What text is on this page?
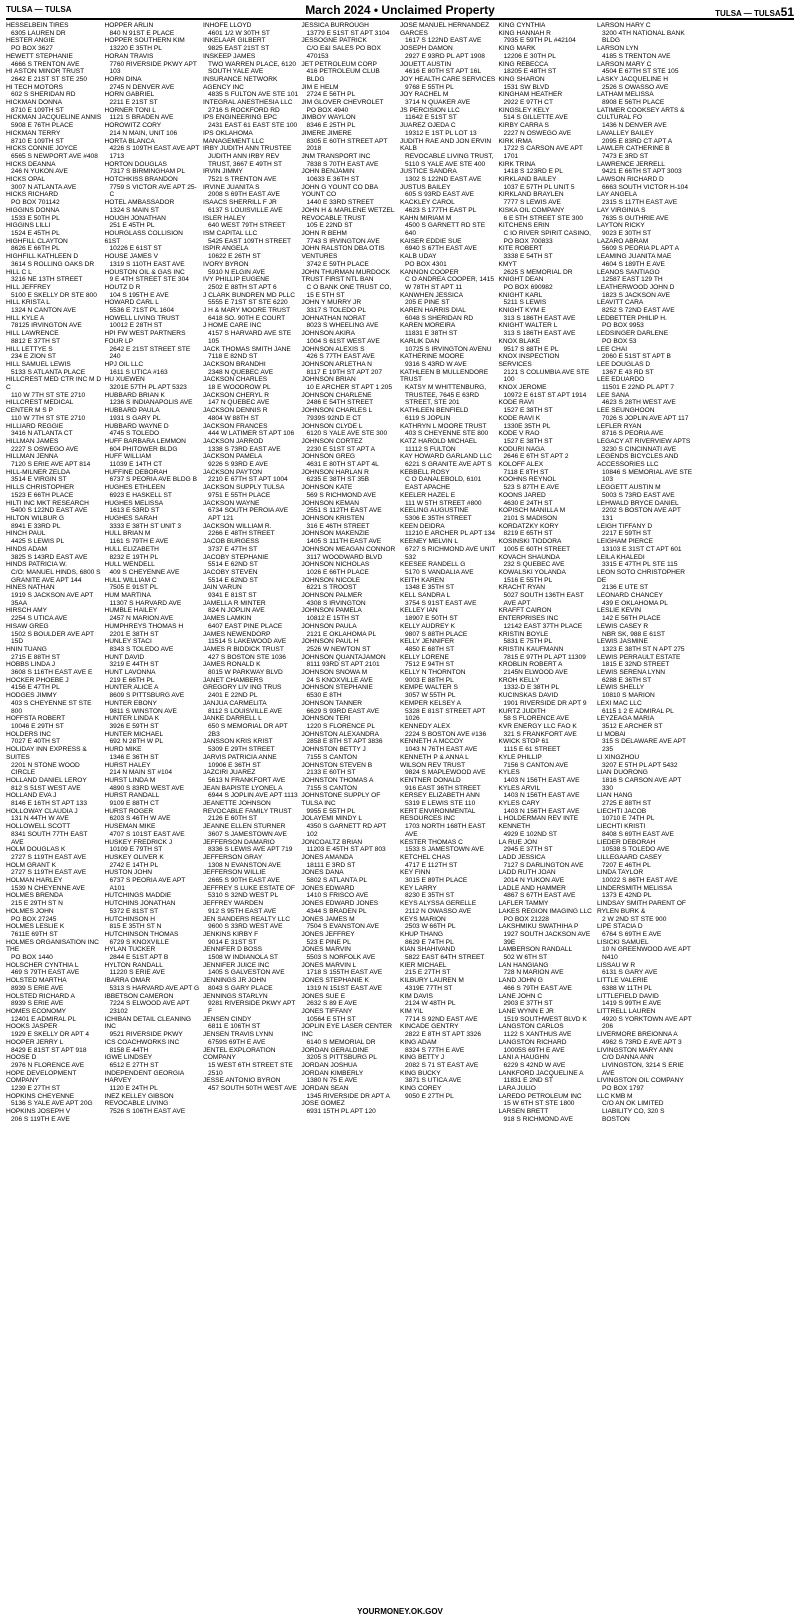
TULSA — TULSA	March 2024 • Unclaimed Property	TULSA — TULSA51
HESSELBEIN TIRES
6305 LAUREN DR
HESTER ANGIE
PO BOX 3627
HEWETT STEPHANIE
4666 S TRENTON AVE
HI ASTON MINOR TRUST
2642 E 21ST ST STE 250
HI TECH MOTORS
602 S SHERIDAN RD
HICKMAN DONNA
8710 E 109TH ST
HICKMAN JACQUELINE ANNIS
5908 E 76TH PLACE
HICKMAN TERRY
8710 E 109TH ST
HICKS CONNIE JOYCE
6565 S NEWPORT AVE #408
HICKS DEANNA
246 N YUKON AVE
HICKS OPAL
3007 N ATLANTA AVE
HICKS RICHARD
PO BOX 701142
HIGGINS DONNA
1533 E 50TH PL
HIGGINS LILLI
1524 E 45TH PL
HIGHFILL CLAYTON
8626 E 66TH PL
HIGHFILL KATHLEEN D
3614 S ROLLING OAKS DR
HILL C L
3216 NE 13TH STREET
HILL JEFFREY
5100 E SKELLY DR STE 800
HILL KRISTA L
1324 N CANTON AVE
HILL KYLE A
78125 IRVINGTON AVE
HILL LAWRENCE
8812 E 37TH ST
HILL LETTYE S
234 E ZION ST
HILL SAMUEL LEWIS
5133 S ATLANTA PLACE
HILLCREST MED CTR INC M D C
110 W 7TH ST STE 2710
HILLCREST MEDICAL CENTER M S P
110 W 7TH ST STE 2710
HILLIARD REGGIE
3416 N ATLANTA CT
HILLMAN JAMES
2227 S OSWEGO AVE
HILLMAN JENNA
7120 S ERIE AVE APT 814
HILL-MILNER ZELDA
3514 E VIRGIN ST
HILLS CHRISTOPHER
1523 E 66TH PLACE
HILTI INC MKT RESEARCH
5400 S 122ND EAST AVE
HILTON WILBUR G
8941 E 33RD PL
HINCH PAUL
4425 S LEWIS PL
HINDS ADAM
3825 S 143RD EAST AVE
HINDS PATRICIA W.
C/O: MANUEL HINDS, 6800 S GRANITE AVE APT 144
HINES NATHAN
1919 S JACKSON AVE APT 35AA
HIRSCH AMY
2254 S UTICA AVE
HISAW GREG
1502 S BOULDER AVE APT 15D
HNIN TUANG
2715 E 88TH ST
HOBBS LINDA J
3608 S 116TH EAST AVE E
HOCKER PHOEBE J
4156 E 47TH PL
HODGES JIMMY
403 S CHEYENNE ST STE 800
HOFFSTA ROBERT
10046 E 29TH ST
HOLDERS INC
7027 E 40TH ST
HOLIDAY INN EXPRESS & SUITES
2201 N STONE WOOD CIRCLE
HOLLAND DANIEL LEROY
812 S 51ST WEST AVE
HOLLAND EVA J
8146 E 16TH ST APT 133
HOLLOWAY CLAUDIA J
131 N 44TH W AVE
HOLLOWELL SCOTT
8341 SOUTH 77TH EAST AVE
HOLM DOUGLAS K
2727 S 119TH EAST AVE
HOLM GRANT K
2727 S 119TH EAST AVE
HOLMAN HARLEY
1539 N CHEYENNE AVE
HOLMES BRENDA
215 E 29TH ST N
HOLMES JOHN
PO BOX 27245
HOLMES LESLIE K
7611E 69TH ST
HOLMES ORGANISATION INC THE
PO BOX 1440
HOLSCHER CYNTHIA L
469 S 79TH EAST AVE
HOLSTED MARTHA
8939 S ERIE AVE
HOLSTED RICHARD A
8939 S ERIE AVE
HOMES ECONOMY
12401 E ADMIRAL PL
HOOKS JASPER
1929 E SKELLY DR APT 4
HOOPER JERRY L
8429 E 81ST ST APT 918
HOOSE D
2976 N FLORENCE AVE
HOPE DEVELOPMENT COMPANY
1239 E 27TH ST
HOPKINS CHEYENNE
5136 S YALE AVE APT 20G
HOPKINS JOSEPH V
206 S 119TH E AVE
HOPPER ARLIN
840 N 91ST E PLACE
HOPPER SOUTHERN KIM
13220 E 35TH PL
HORAN TRAVIS
7760 RIVERSIDE PKWY APT 103
HORN DINA
2745 N DENVER AVE
HORN GABRIEL
2211 E 21ST ST
HORNER TONI L
1121 S BRADEN AVE
HOROWITZ CORY
214 N MAIN, UNIT 106
HORTA BLANCA
4226 S 109TH EAST AVE APT 1713
HORTON DOUGLAS
7317 S BIRMINGHAM PL
HOTCHKISS BRANDON
7759 S VICTOR AVE APT 25-C
HOTEL AMBASSADOR
1324 S MAIN ST
HOUGH JONATHAN
251 E 45TH PL
HOURGLASS COLLISION 61ST
10226 E 61ST ST
HOUSE JAMES V
1319 S 110TH EAST AVE
HOUSTON OIL & GAS INC
9 E 4TH STREET STE 304
HOUTZ D R
104 S 195TH E AVE
HOWARD CARL L
5536 E 71ST PL 1604
HOWELL LIVING TRUST
10012 E 28TH ST
HPI FW WEST PARTNERS FOUR LP
2642 E 21ST STREET STE 240
HPJ OIL LLC
1611 S UTICA #163
HU XUEWEN
3201E 57TH PL APT 5323
HUBBARD BRIAN K
1236 S INDIANAPOLIS AVE
HUBBARD PAULA
1931 S GARY PL
HUBBARD WAYNE D
4745 S TOLEDO
HUFF BARBARA LEMMON
604 PHITOWER BLDG
HUFF WILLIAM
11039 E 14TH CT
HUFFINE DEBORAH
6737 S PEORIA AVE BLDG B
HUGHES ETHLEEN
6923 E HASKELL ST
HUGHES MELISSA
1613 E 53RD ST
HUGHES SARAH
3333 E 38TH ST UNIT 3
HULL BRIAN M
1161 S 79TH E AVE
HULL ELIZABETH
8232 E 19TH PL
HULL WENDELL
409 S CHEYENNE AVE
HULL WILLIAM C
7505 E 91ST PL
HUM MARTINA
11307 S HARVARD AVE
HUMBLE HAILEY
2457 N MARION AVE
HUMPHREYS THOMAS H
2201 E 38TH ST
HUNLEY STACI
8343 S TOLEDO AVE
HUNT DAVID
3219 E 44TH ST
HUNT LAVONNA
219 E 66TH PL
HUNTER ALICE A
8609 S PITTSBURG AVE
HUNTER EBONY
9811 S WINSTON AVE
HUNTER LINDA K
3926 E 59TH ST
HUNTER MICHAEL
692 N 28TH W PL
HURD MIKE
1346 E 36TH ST
HURST HALEY
214 N MAIN ST #104
HURST LINDA M
4890 S 83RD WEST AVE
HURST RANDALL
9109 E 88TH CT
HURST ROGER
6203 S 46TH W AVE
HUSEMAN MIKE
4707 S 101ST EAST AVE
HUSKEY FREDRICK J
10109 E 79TH ST
HUSKEY OLIVER K
2742 E 14TH PL
HUSTON JOHN
6737 S PEORIA AVE APT A101
HUTCHINGS MADDIE
HUTCHINS JONATHAN
5372 E 81ST ST
HUTCHINSON H
815 E 35TH ST N
HUTCHINSON THOMAS
6729 S KNOXVILLE
HYLAN TUCKER
2844 E 51ST APT B
HYLTON RANDALL
11220 S ERIE AVE
IBARRA OMAR
5313 S HARVARD AVE APT G
IBBETSON CAMERON
7224 S ELWOOD AVE APT 23102
ICHIBAN DETAIL CLEANING INC
9521 RIVERSIDE PKWY
ICS COACHWORKS INC
8158 E 44TH
IGWE LINDSEY
6512 E 27TH ST
INDEPENDENT GEORGIA HARVEY
1120 E 24TH PL
INEZ KELLEY GIBSON REVOCABLE LIVING
7526 S 106TH EAST AVE
INHOFE LLOYD
4601 1/2 W 30TH ST
INKELAAR GILBERT
9825 EAST 21ST ST
INSKEEP JAMES
TWO WARREN PLACE, 6120 SOUTH YALE AVE
INSURANCE NETWORK AGENCY INC
4835 S FULTON AVE STE 101
INTEGRAL ANESTHESIA LLC
2716 S ROCKFORD RD
IPS ENGINEERING EPC
2431 EAST 61 EAST STE 100
IPS OKLAHOMA MANAGEMENT LLC
IRBY JUDITH ANN TRUSTEE
JUDITH ANN IRBY REV TRUST, 3667 E 49TH ST
IRVIN JIMMY
7521 S TRENTON AVE
IRVINE JUANITA S
2008 S 69TH EAST AVE
ISAACS SHERRILL F JR
6137 S LOUISVILLE AVE
ISLER HALEY
640 WEST 79TH STREET
ISM CAPITAL LLC
5425 EAST 109TH STREET
ISPIR ANGELA
10622 E 26TH ST
IVORY BYRON
5910 N ELGIN AVE
IVY PHILLIP EUGENE
2502 E 88TH ST APT 6
J CLARK BUNDREN MD PLLC
5555 E 71ST ST STE 6220
J H & MARY MOORE TRUST
6418 SO. 90TH E COURT
J HOME CARE INC
4157 S HARVARD AVE STE 105
JACK THOMAS SMITH JANE
7118 E 82ND ST
JACKSON BRANDHI
2348 N QUEBEC AVE
JACKSON CHARLES
18 E WOODROW PL
JACKSON CHERYL R
147 N QUEBEC AVE
JACKSON DENNIS R
4804 W 88TH ST
JACKSON FRANCES
444 W LATIMER ST APT 106
JACKSON JARROD
1338 S 73RD EAST AVE
JACKSON PAMELA
9226 S 93RD E AVE
JACKSON PAYTON
2210 E 67TH ST APT 1004
JACKSON SUPPLY TULSA
9751 E 55TH PLACE
JACKSON WAYNE
6734 SOUTH PEROIA AVE APT 121
JACKSON WILLIAM R.
2266 E 48TH STREET
JACOB BURGESS
3737 E 47TH ST
JACOBY STEPHANIE
5514 E 62ND ST
JACOBY STEVEN
5514 E 62ND ST
JAIN VARUN
9341 E 81ST ST
JAMELLA R MINTER
824 N JOPLIN AVE
JAMES LAMKIN
6407 EAST PINE PLACE
JAMES NEWENDORP
11514 S LAKEWOOD AVE
JAMES R BIDDICK TRUST
427 S BOSTON STE 1036
JAMES RONALD K
8015 W PARKWAY BLVD
JANET CHAMBERS
GREGORY LIV ING TRUS
2401 E 22ND PL
JANJUA CARMELITA
8112 S LOUISVILLE AVE
JANKE DARRELL L
650 S MEMORIAL DR APT 2B3
JANSSON KRIS KRIST
5309 E 29TH STREET
JARVIS PATRICIA ANNE
10906 E 36TH ST
JAZCIRI JUAREZ
5613 N FRANKFORT AVE
JEAN BAPISTE LYONEL A
6944 S JOPLIN AVE APT 1113
JEANETTE JOHNSON REVOCABLE FAMILY TRUST
2126 E 60TH ST
JEANNE ELLEN STURNER
3607 S JAMESTOWN AVE
JEFFERSON DAMARIO
8336 S LEWIS AVE APT 719
JEFFERSON GRAY
1308 N EVANSTON AVE
JEFFERSON WILLIE
2665 S 90TH EAST AVE
JEFFREY S LUKE ESTATE OF
5310 S 32ND WEST PL
JEFFREY WARDEN
912 S 95TH EAST AVE
JEN SANDERS REALTY LLC
9600 S 33RD WEST AVE
JENKINS KIRBY F
9014 E 31ST ST
JENNIFER D BOSS
1508 W INDIANOLA ST
JENNIFER JUICE INC
1405 S GALVESTON AVE
JENNINGS JR JOHN
8043 S GARY PLACE
JENNINGS STARLYN
9281 RIVERSIDE PKWY APT F
JENSEN CINDY
6811 E 106TH ST
JENSEN TRAVIS LYNN
6759S 69TH E AVE
JENTEL EXPLORATION COMPANY
15 WEST 6TH STREET STE 2510
JESSE ANTONIO BYRON
457 SOUTH 50TH WEST AVE
JESSICA BURROUGH
13779 E 51ST ST APT 3104
JESSOGNE PATRICK
C/O E&I SALES PO BOX 470153
JET PETROLEUM CORP
416 PETROLEUM CLUB BLDG
JIM E HELM
2724 E 56TH PL
JIM GLOVER CHEVROLET
PO BOX 4940
JIMBOY WAYLON
8346 E 25TH PL
JIMERE JIMERE
8305 E 60TH STREET APT 2018
JNM TRANSPORT INC
7838 S 70TH EAST AVE
JOHN BENJAMIN
10633 E 36TH ST
JOHN G YOUNT CO DBA YOUNT CO
1440 E 33RD STREET
JOHN H & MARLENE WETZEL REVOCABLE TRUST
105 E 22ND ST
JOHN R BEHM
7743 S IRVINGTON AVE
JOHN RALSTON DBA OTIS VENTURES
3742 E 59TH PLACE
JOHN THURMAN MURDOCK TRUST FIRST NTL BAN
C O BANK ONE TRUST CO, 15 E 5TH ST
JOHN Y MURRY JR
3317 S TOLEDO PL
JOHNATHAN NORAT
8023 S WHEELING AVE
JOHNSON AKIRA
1004 S 61ST WEST AVE
JOHNSON ALEXIS S
426 S 77TH EAST AVE
JOHNSON ARLETHA N
8117 E 19TH ST APT 207
JOHNSON BRIAN
10 E ARCHER ST APT 1 205
JOHNSON CHARLENE
2486 E 54TH STREET
JOHNSON CHARLES L
7939S 92ND E CT
JOHNSON CLYDE L
6120 S YALE AVE STE 300
JOHNSON CORTEZ
2230 E 51ST ST APT A
JOHNSON GREG
4631 E 80TH ST APT 4L
JOHNSON HARLAN R
6235 E 38TH ST 35B
JOHNSON KATE
569 S RICHMOND AVE
JOHNSON KEMAN
2551 S 112TH EAST AVE
JOHNSON KRISTEN
316 E 46TH STREET
JOHNSON MAKENZIE
1405 S 111TH EAST AVE
JOHNSON MEAGAN CONNOR
3117 WOODWARD BLVD
JOHNSON NICHOLAS
1026 E 66TH PLACE
JOHNSON NICOLE
6221 S TROOST
JOHNSON PALMER
4308 S IRVINGTON
JOHNSON PAMELA
10812 E 15TH ST
JOHNSON PAULA
2121 E OKLAHOMA PL
JOHNSON PAUL H
2526 W NEWTON ST
JOHNSON QUANTAJAMON
8111 93RD ST APT 2101
JOHNSON SNOWA M
24 S KNOXVILLE AVE
JOHNSON STEPHANIE
6530 E 8TH
JOHNSON TANNER
6629 S 93RD EAST AVE
JOHNSON TERI
1220 S FLORENCE PL
JOHNSTON ALEXANDRA
2858 E 8TH ST APT 3836
JOHNSTON BETTY J
7155 S CANTON
JOHNSTON STEVEN B
2133 E 60TH ST
JOHNSTON THOMAS A
7155 S CANTON
JOHNSTONE SUPPLY OF TULSA INC
9955 E 55TH PL
JOLAYEMI MINDY L
4350 S GARNETT RD APT 102
JONCOALTZ BRIAN
11203 E 45TH ST APT 803
JONES AMANDA
18111 E 3RD ST
JONES DANA
5802 S ATLANTA PL
JONES EDWARD
1410 S FRISCO AVE
JONES EDWARD JONES
4344 S BRADEN PL
JONES JAMES M
7504 S EVANSTON AVE
JONES JEFFREY
523 E PINE PL
JONES MARVIN
5503 S NORFOLK AVE
JONES MARVIN L
1718 S 155TH EAST AVE
JONES STEPHANIE K
1319 N 151ST EAST AVE
JONES SUE E
2632 S 89 E AVE
JONES TIFFANY
10564 E 5TH ST
JOPLIN EYE LASER CENTER INC
6140 S MEMORIAL DR
JORDAN GERALDINE
3205 S PITTSBURG PL
JORDAN JOSHUA
JORDAN KIMBERLY
1380 N 75 E AVE
JORDAN SEAN
1345 RIVERSIDE DR APT A
JOSE GOMEZ
6931 15TH PL APT 120
JOSE MANUEL HERNANDEZ GARCES
1617 S 122ND EAST AVE
JOSEPH DAMON
2927 E 93RD PL APT 1908
JOUETT AUSTIN
4616 E 80TH ST APT 16L
JOY HEALTH CARE SERVICES
9768 E 55TH PL
JOY RACHEL M
3714 N QUAKER AVE
JS PERCISION LLC
11642 E 51ST ST
JUAREZ OJEDA C
19312 E 1ST PL LOT 13
JUDITH RAE AND JON ERVIN KALB
REVOCABLE LIVING TRUST, 5110 S YALE AVE STE 400
JUSTICE SANDRA
1302 S 122ND EAST AVE
JUSTUS BAILEY
605 S 93RD EAST AVE
KACKLEY CAROL
4623 S 177TH EAST PL
KAHN MIRIAM M
4500 S GARNETT RD STE 640
KAISER EDDIE SUE
6940 S 67TH EAST AVE
KALB UDAY
PO BOX 4301
KANNON COOPER
C O ANDREA COOPER, 1415 W 78TH ST APT 11
KANWHEN JESSICA
205 E PINE ST
KAREN HARRIS DIAL
6048 S SHERIDAN RD
KAREN MOREIRA
11831 E 38TH ST
KARLIK DAN
10725 S IRVINGTON AVENU
KATHERINE MOORE
9316 S 43RD W AVE
KATHLEEN B MULLENDORE TRUST
KATSY M WHITTENBURG, TRUSTEE, 7645 E 63RD STREET, STE 201
KATHLEEN BENFIELD
6119 S JOPLIN
KATHRYN L MOORE TRUST
403 S CHEYENNE STE 800
KATZ HAROLD MICHAEL
11112 S FULTON
KAY HOWARD GARLAND LLC
6221 S GRANITE AVE APT S
KEBBELL ROSY
C O DANALEBOLD, 6101 EAST APACHE
KEELER HAZEL E
111 W 5TH STREET #800
KEELING AUGUSTINE
5306 E 35TH STREET
KEEN DEIDRA
11210 E ARCHER PL APT 134
KEENEY MELVIN L
6727 S RICHMOND AVE UNIT 532
KEESEE RANDELL G
5170 S VANDALIA AVE
KEITH KAREN
1348 E 35TH ST
KELL SANDRA L
3754 S 91ST EAST AVE
KELLEY IAN
18907 E 50TH ST
KELLY AUDREY K
9807 S 88TH PLACE
KELLY JENNIFER
4850 E 68TH ST
KELLY LORENE
7512 E 94TH ST
KELLY N THORNTON
9003 E 88TH PL
KEMPE WALTER S
3057 W 55TH PL
KEMPER KELSEY A
5328 E 81ST STREET APT 1026
KENNEDY ALEX
2224 S BOSTON AVE #136
KENNETH A MCCOY
1043 N 76TH EAST AVE
KENNETH P & ANNA L WILSON REV TRUST
9824 S MAPLEWOOD AVE
KENTNER DONALD
916 EAST 36TH STREET
KERSEY ELIZABETH ANN
5319 E LEWIS STE 110
KERT ENVIRONMENTAL RESOURCES INC
1703 NORTH 168TH EAST AVE
KESTER THOMAS C
1533 S JAMESTOWN AVE
KETCHEL CHAS
4717 E 112TH ST
KEY FINN
3015 E 89TH PLACE
KEY LARRY
8230 E 35TH ST
KEYS ALYSSA GERELLE
2112 N OWASSO AVE
KEYS MARION
2503 W 66TH PL
KHUP THANG
8629 E 74TH PL
KIAN SHAHIVAND
5822 EAST 64TH STREET
KIER MICHAEL
215 E 27TH ST
KILBURY LAUREN M
4319E 77TH ST
KIM DAVIS
2124 W 48TH PL
KIM YIL
7714 S 92ND EAST AVE
KINCADE GENTRY
2822 E 8TH ST APT 3326
KING ADAM
8324 S 77TH E AVE
KING BETTY J
2082 S 71 ST EAST AVE
KING BUCKY
3871 S UTICA AVE
KING COREY
9050 E 27TH PL
KING CYNTHIA
KING HANNAH R
7935 E 59TH PL #42104
KING MARK
12206 E 30TH PL
KING REBECCA
18205 E 48TH ST
KING SHARON
1531 SW BLVD
KINGHAM HEATHER
2922 E 97TH CT
KINGSLEY KELY
514 S GILLETTE AVE
KIRBY CARRA S
2227 N OSWEGO AVE
KIRK IRMA
1722 S CARSON AVE APT 1701
KIRK TRINA
1418 S 123RD E PL
KIRKLAND BAILEY
1037 E 57TH PL UNIT 5
KIRKLAND BRAYLEN
7777 S LEWIS AVE
KISKA OIL COMPANY
6 E 5TH STREET STE 300
KITCHENS ERIN
C IO RIVER SPIRIT CASINO, PO BOX 700833
KITE ROBERT
3338 E 54TH ST
KMYT
2625 S MEMORIAL DR
KNIGHT DEAN
PO BOX 690982
KNIGHT KARL
5211 S LEWIS
KNIGHT KYM E
313 S 186TH EAST AVE
KNIGHT WALTER L
313 S 186TH EAST AVE
KNOX BLAKE
9517 S 88TH E PL
KNOX INSPECTION SERVICES
2121 S COLUMBIA AVE STE 100
KNOX JEROME
10972 E 61ST ST APT 1914
KODE RAVI
1527 E 38TH ST
KODE RAVI K
1330E 35TH PL
KODE V RAO
1527 E 38TH ST
KODURI NAGA
2646 E 6TH ST APT 2
KOLOFF ALEX
7118 E 8TH ST
KOOHNS REYNOL
523 S 87TH E AVE
KOONS JARED
4630 E 24TH ST
KOPISCH MANILLA M
2101 S MADISON
KORDATZKY KORY
8219 E 65TH ST
KOSINSKI TIODORA
1005 E 60TH STREET
KOVACH SHAUNDA
232 S QUEBEC AVE
KOWALSKI YOLANDA
1516 E 55TH PL
KRACHT RYAN
5027 SOUTH 136TH EAST AVE APT
KRAFFT CAIRON ENTERPRISES INC
12142 EAST 37TH PLACE
KRISTIN BOYLE
5831 E 75TH PL
KRISTIN KAUFMANN
7815 E 97TH PL APT 11309
KROBLIN ROBERT A
2145N ELWOOD AVE
KROH KELLY
1332-D E 38TH PL
KUCINSKAS DAVID
1901 RIVERSIDE DR APT 9
KURTZ JUDITH
58 S FLORENCE AVE
KVR ENERGY LLC FAO K
321 S FRANKFORT AVE
KWICK STOP 61
1115 E 61 STREET
KYLE PHILLIP
7156 S CANTON AVE
KYLES
1403 N 156TH EAST AVE
KYLES ARVIL
1403 N 156TH EAST AVE
KYLES CARY
1403 N 156TH EAST AVE
L HOLDERMAN REV INTE KENNETH
4929 E 102ND ST
LA RUE JON
2945 E 37TH ST
LADD JESSICA
7127 S DARLINGTON AVE
LADD RUTH JOAN
2014 N YUKON AVE
LADLE AND HAMMER
4867 S 67TH EAST AVE
LAFLER TAMMY
LAKES REGION IMAGING LLC
PO BOX 21228
LAKSHMIKU SWATHIHA P
1927 SOUTH JACKSON AVE 39E
LAMBERSON RANDALL
502 W 6TH ST
LAN HANGIANG
728 N MARION AVE
LAND JOHN G
466 S 79TH EAST AVE
LANE JOHN C
2903 E 37TH ST
LANE WYNN E JR
1519 SOUTHWEST BLVD K
LANGSTON CARLOS
1122 S XANTHUS AVE
LANGSTON RICHARD
10005S 69TH E AVE
LANI A HAUGHN
6229 S 42ND W AVE
LANKFORD JACQUELINE A
11831 E 2ND ST
LARA JULIO
LAREDO PETROLEUM INC
15 W 6TH ST STE 1800
LARSEN BRETT
918 S RICHMOND AVE
LARSON HARY C
3200 4TH NATIONAL BANK BLDG
LARSON LYN
4185 S TRENTON AVE
LARSON MARY C
4504 E 67TH ST STE 105
LASKY JACQUELINE H
2526 S OWASSO AVE
LATHAM MELISSA
8908 E 56TH PLACE
LATIMER COOKSEY ARTS & CULTURAL FO
1436 N DENVER AVE
LAVALLEY BAILEY
2095 E 83RD CT APT A
LAWLER CATHERINE B
7473 E 3RD ST
LAWRENCE JERRELL
9421 E 66TH ST APT 3003
LAWSON RICHARD D
6663 SOUTH VICTOR H-104
LAY ANGELA
2315 S 117TH EAST AVE
LAY VIRGINIA S
7635 S GUTHRIE AVE
LAYTON RICKY
9023 E 30TH ST
LAZARO ABRAM
5609 S PEORIA PL APT A
LEAMING JUANITA MAE
4604 S 189TH E AVE
LEANOS SANTIAGO
12587 EAST 129 TH
LEATHERWOOD JOHN D
1823 S JACKSON AVE
LEAVITT CARA
8252 S 72ND EAST AVE
LEDBETTER PHILIP H.
PO BOX 9953
LEDSINGER DARLENE
PO BOX 53
LEE CHAI
2060 E 51ST ST APT B
LEE DOUGLAS D
1367 E 43 RD ST
LEE EDUARDO
11501 E 22ND PL APT 7
LEE SANA
4623 S 28TH WEST AVE
LEE SEUNGHOON
7026 S JOPLIN AVE APT 117
LEFLER RYAN
8716 S PEORIA AVE
LEGACY AT RIVERVIEW APTS
3230 S CINCINNATI AVE
LEGENDS BICYCLES AND ACCESSORIES LLC
10846 S MEMORIAL AVE STE 103
LEGGETT AUSTIN M
5003 S 73RD EAST AVE
LEHWALD BRYCE DANIEL
2202 S BOSTON AVE APT 131
LEIGH TIFFANY D
2217 E 59TH ST
LEIGHAM PIERCE
13103 E 31ST CT APT 601
LEILA KHALEDI
3315 E 47TH PL STE 115
LEON SOTO CHRISTOPHER DE
2136 E UTE ST
LEONARD CHANCEY
439 E OKLAHOMA PL
LESLIE KEVIN
142 E 56TH PLACE
LEWIS CASEY R
NBR SK, 988 E 61ST
LEWIS JASMINE
1323 E 38TH ST N APT 275
LEWIS PERRAULT ESTATE
1815 E 32ND STREET
LEWIS SERENA LYNN
6288 E 36TH ST
LEWIS SHELLY
10810 S MARION
LEXI MAC LLC
6115 1 2 E ADMIRAL PL
LEYZEAGA MARIA
3512 E ARCHER ST
LI MOBAI
315 S DELAWARE AVE APT 235
LI XINGZHOU
3207 E 5TH PL APT 5432
LIAN DUORONG
1816 S CARSON AVE APT 330
LIAN HANG
2725 E 88TH ST
LIECHTI JACOB
10710 E 74TH PL
LIECHTI KRISTI
8408 S 69TH EAST AVE
LIEDER DEBORAH
10538 S TOLEDO AVE
LILLEGAARD CASEY
7207 E 46TH PL
LINDA TAYLOR
10022 S 86TH EAST AVE
LINDERSMITH MELISSA
1373 E 42ND PL
LINDSAY SMITH PARENT OF RYLEN BURK &
2 W 2ND ST STE 900
LIPE STACIA D
6764 S 69TH E AVE
LISICKI SAMUEL
10 N GREENWOOD AVE APT N410
LISSAU W R
6131 S GARY AVE
LITTLE VALERIE
6388 W 11TH PL
LITTLEFIELD DAVID
1419 S 99TH E AVE
LITTRELL LAUREN
4920 S YORKTOWN AVE APT 206
LIVERMORE BREIONNA A
4962 S 73RD E AVE APT 3
LIVINGSTON MARY ANN
C/O DANNA ANN LIVINGSTON, 3214 S ERIE AVE
LIVINGSTON OIL COMPANY
PO BOX 1797
LLC KMB M
C/O AN OK LIMITED LIABILITY CO, 320 S BOSTON
YOURMONEY.OK.GOV
